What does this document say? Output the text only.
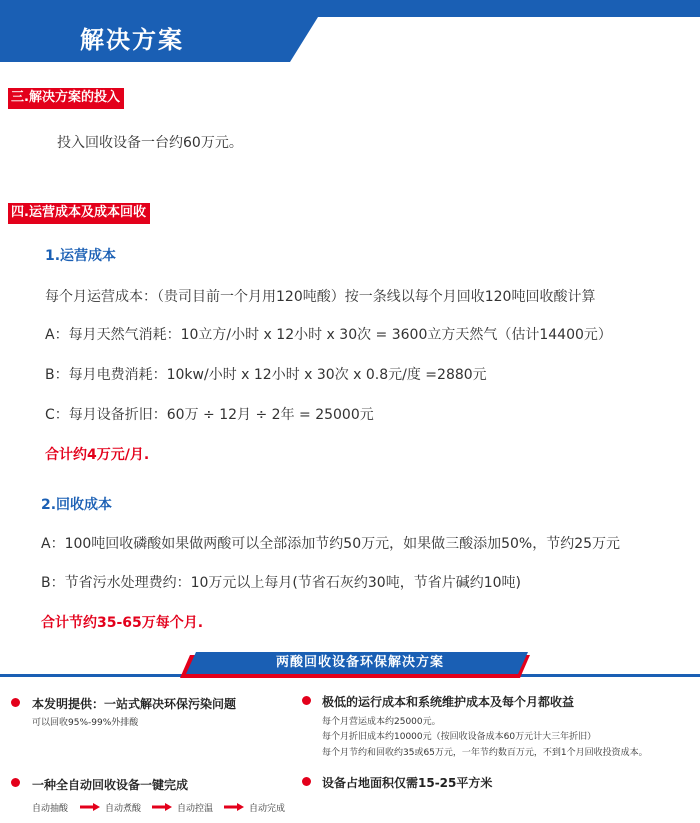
解决方案
三.解决方案的投入
投入回收设备一台约60万元。
四.运营成本及成本回收
1.运营成本
每个月运营成本：（贵司目前一个月用120吨酸）按一条线以每个月回收120吨回收酸计算
A：每月天然气消耗：10立方/小时 x 12小时 x 30次 = 3600立方天然气（估计14400元）
B：每月电费消耗：10kw/小时 x 12小时 x 30次 x 0.8元/度 =2880元
C：每月设备折旧：60万 ÷ 12月 ÷ 2年 = 25000元
合计约4万元/月.
2.回收成本
A：100吨回收磷酸如果做两酸可以全部添加节约50万元，如果做三酸添加50%，节约25万元
B：节省污水处理费约：10万元以上每月(节省石灰约30吨，节省片碱约10吨)
合计节约35-65万每个月.
两酸回收设备环保解决方案
本发明提供：一站式解决环保污染问题
可以回收95%-99%外排酸
极低的运行成本和系统维护成本及每个月都收益
每个月营运成本约25000元。
每个月折旧成本约10000元（按回收设备成本60万元计大三年折旧）
每个月节约和回收约35或65万元，一年节约数百万元，不到1个月回收投资成本。
一种全自动回收设备一键完成
自动抽酸	自动煮酸	自动控温	自动完成
设备占地面积仅需15-25平方米
